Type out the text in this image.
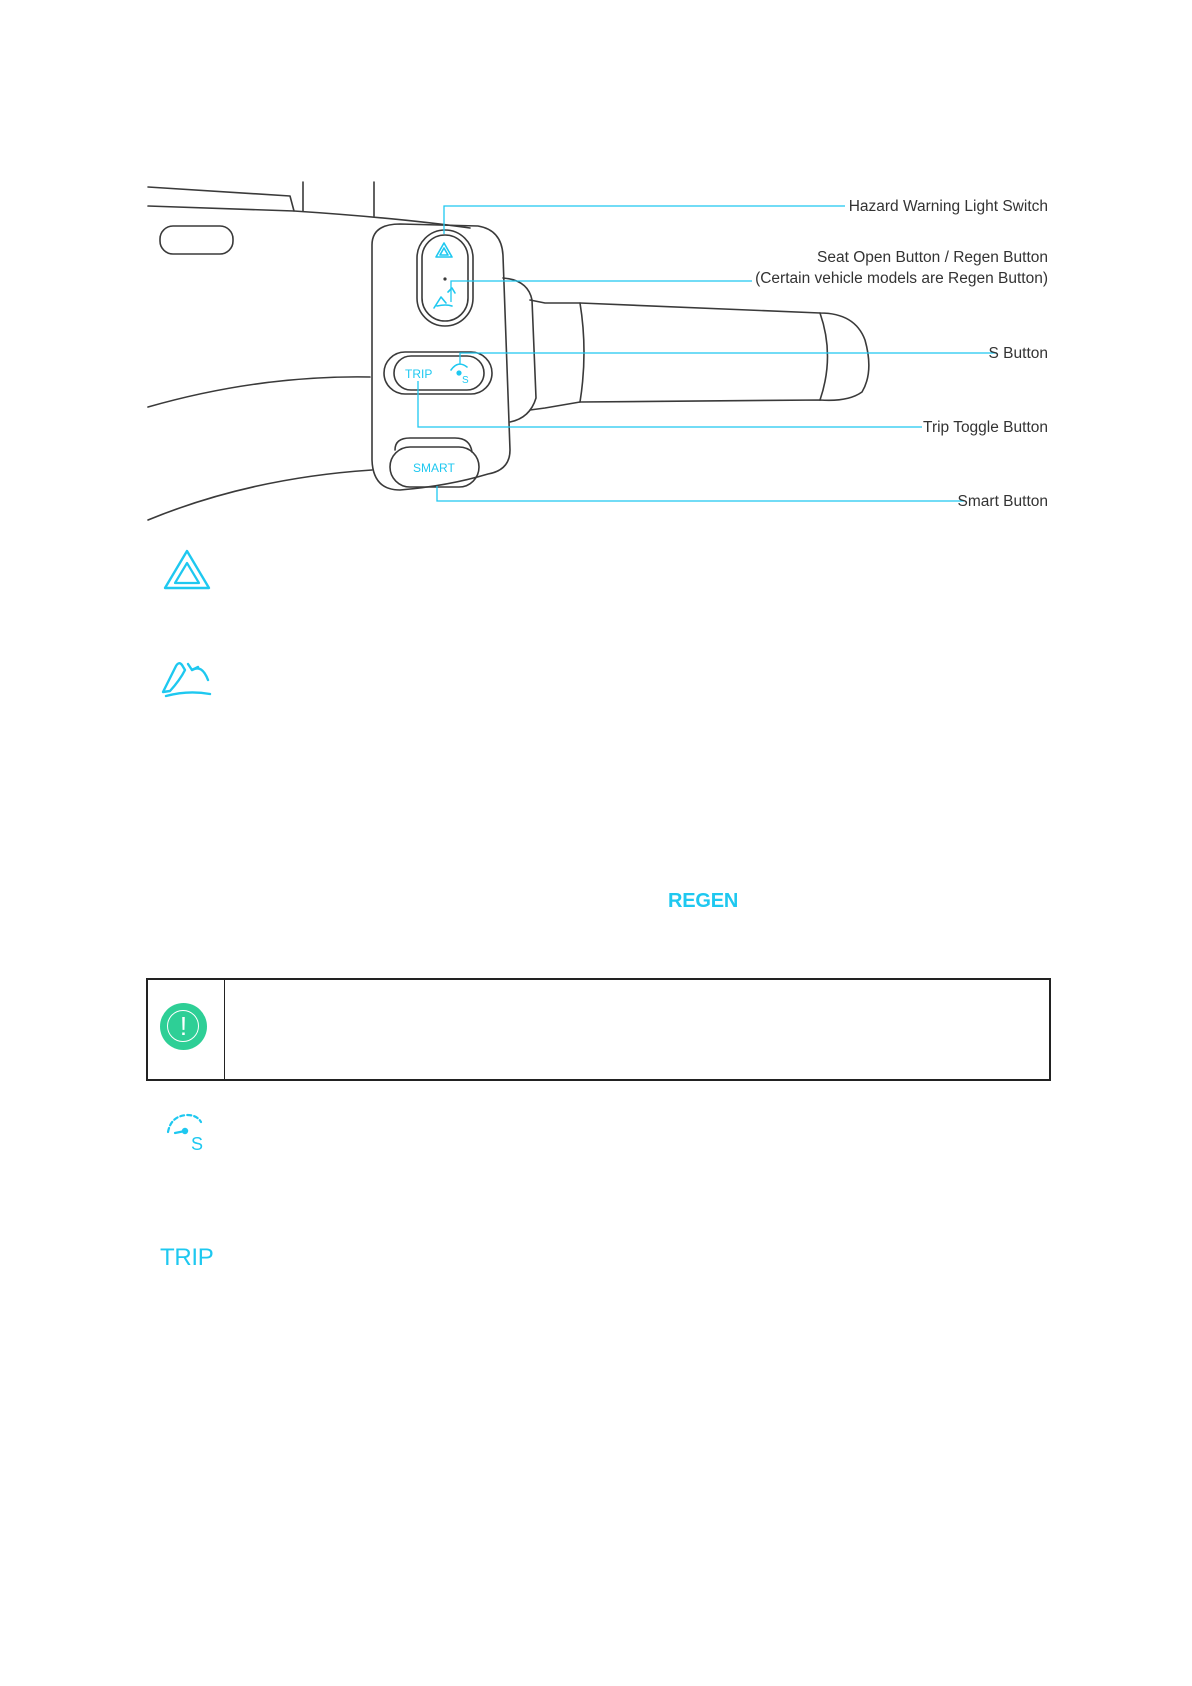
TRIP	S
SMART
Hazard Warning Light Switch
Seat Open Button / Regen Button
(Certain vehicle models are Regen Button)
S Button
Trip Toggle Button
Smart Button
REGEN
!
S
TRIP
